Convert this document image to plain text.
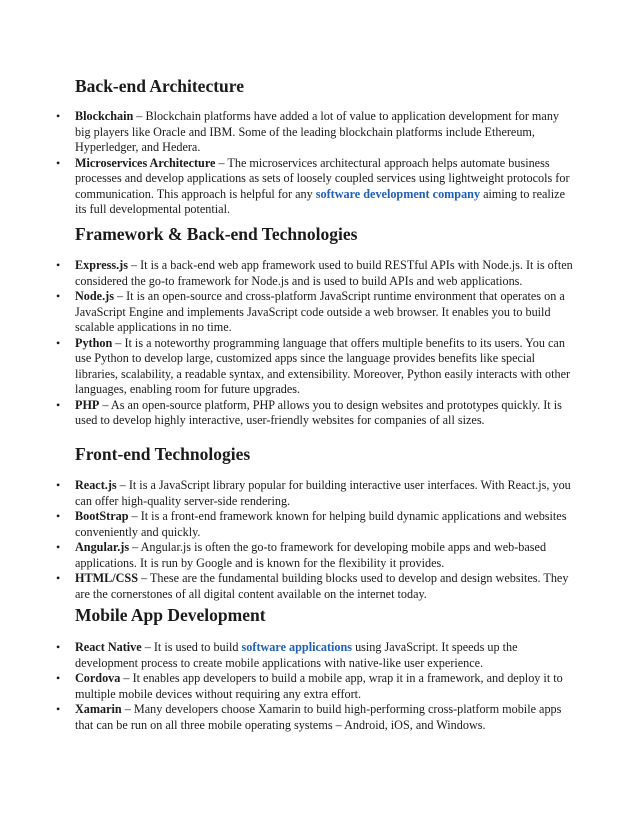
Back-end Architecture
• Blockchain – Blockchain platforms have added a lot of value to application development for many big players like Oracle and IBM. Some of the leading blockchain platforms include Ethereum, Hyperledger, and Hedera.
• Microservices Architecture – The microservices architectural approach helps automate business processes and develop applications as sets of loosely coupled services using lightweight protocols for communication. This approach is helpful for any software development company aiming to realize its full developmental potential.
Framework & Back-end Technologies
• Express.js – It is a back-end web app framework used to build RESTful APIs with Node.js. It is often considered the go-to framework for Node.js and is used to build APIs and web applications.
• Node.js – It is an open-source and cross-platform JavaScript runtime environment that operates on a JavaScript Engine and implements JavaScript code outside a web browser. It enables you to build scalable applications in no time.
• Python – It is a noteworthy programming language that offers multiple benefits to its users. You can use Python to develop large, customized apps since the language provides benefits like special libraries, scalability, a readable syntax, and extensibility. Moreover, Python easily interacts with other languages, enabling room for future upgrades.
• PHP – As an open-source platform, PHP allows you to design websites and prototypes quickly. It is used to develop highly interactive, user-friendly websites for companies of all sizes.
Front-end Technologies
• React.js – It is a JavaScript library popular for building interactive user interfaces. With React.js, you can offer high-quality server-side rendering.
• BootStrap – It is a front-end framework known for helping build dynamic applications and websites conveniently and quickly.
• Angular.js – Angular.js is often the go-to framework for developing mobile apps and web-based applications. It is run by Google and is known for the flexibility it provides.
• HTML/CSS – These are the fundamental building blocks used to develop and design websites. They are the cornerstones of all digital content available on the internet today.
Mobile App Development
• React Native – It is used to build software applications using JavaScript. It speeds up the development process to create mobile applications with native-like user experience.
• Cordova – It enables app developers to build a mobile app, wrap it in a framework, and deploy it to multiple mobile devices without requiring any extra effort.
• Xamarin – Many developers choose Xamarin to build high-performing cross-platform mobile apps that can be run on all three mobile operating systems – Android, iOS, and Windows.
